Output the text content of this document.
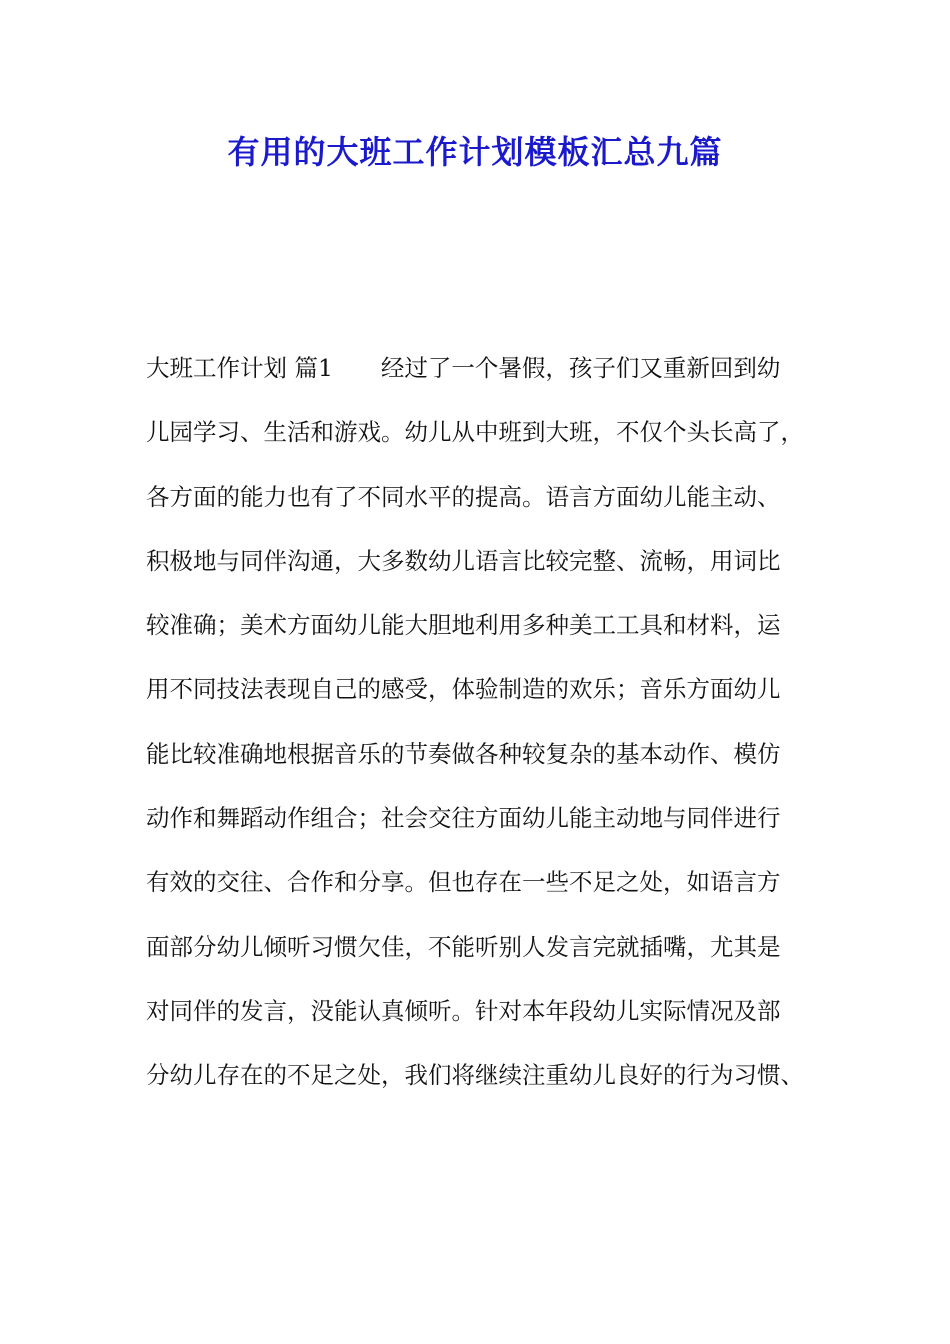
有用的大班工作计划模板汇总九篇
大班工作计划 篇1 经过了一个暑假，孩子们又重新回到幼
儿园学习、生活和游戏。幼儿从中班到大班，不仅个头长高了，
各方面的能力也有了不同水平的提高。语言方面幼儿能主动、
积极地与同伴沟通，大多数幼儿语言比较完整、流畅，用词比
较准确；美术方面幼儿能大胆地利用多种美工工具和材料，运
用不同技法表现自己的感受，体验制造的欢乐；音乐方面幼儿
能比较准确地根据音乐的节奏做各种较复杂的基本动作、模仿
动作和舞蹈动作组合；社会交往方面幼儿能主动地与同伴进行
有效的交往、合作和分享。但也存在一些不足之处，如语言方
面部分幼儿倾听习惯欠佳，不能听别人发言完就插嘴，尤其是
对同伴的发言，没能认真倾听。针对本年段幼儿实际情况及部
分幼儿存在的不足之处，我们将继续注重幼儿良好的行为习惯、
